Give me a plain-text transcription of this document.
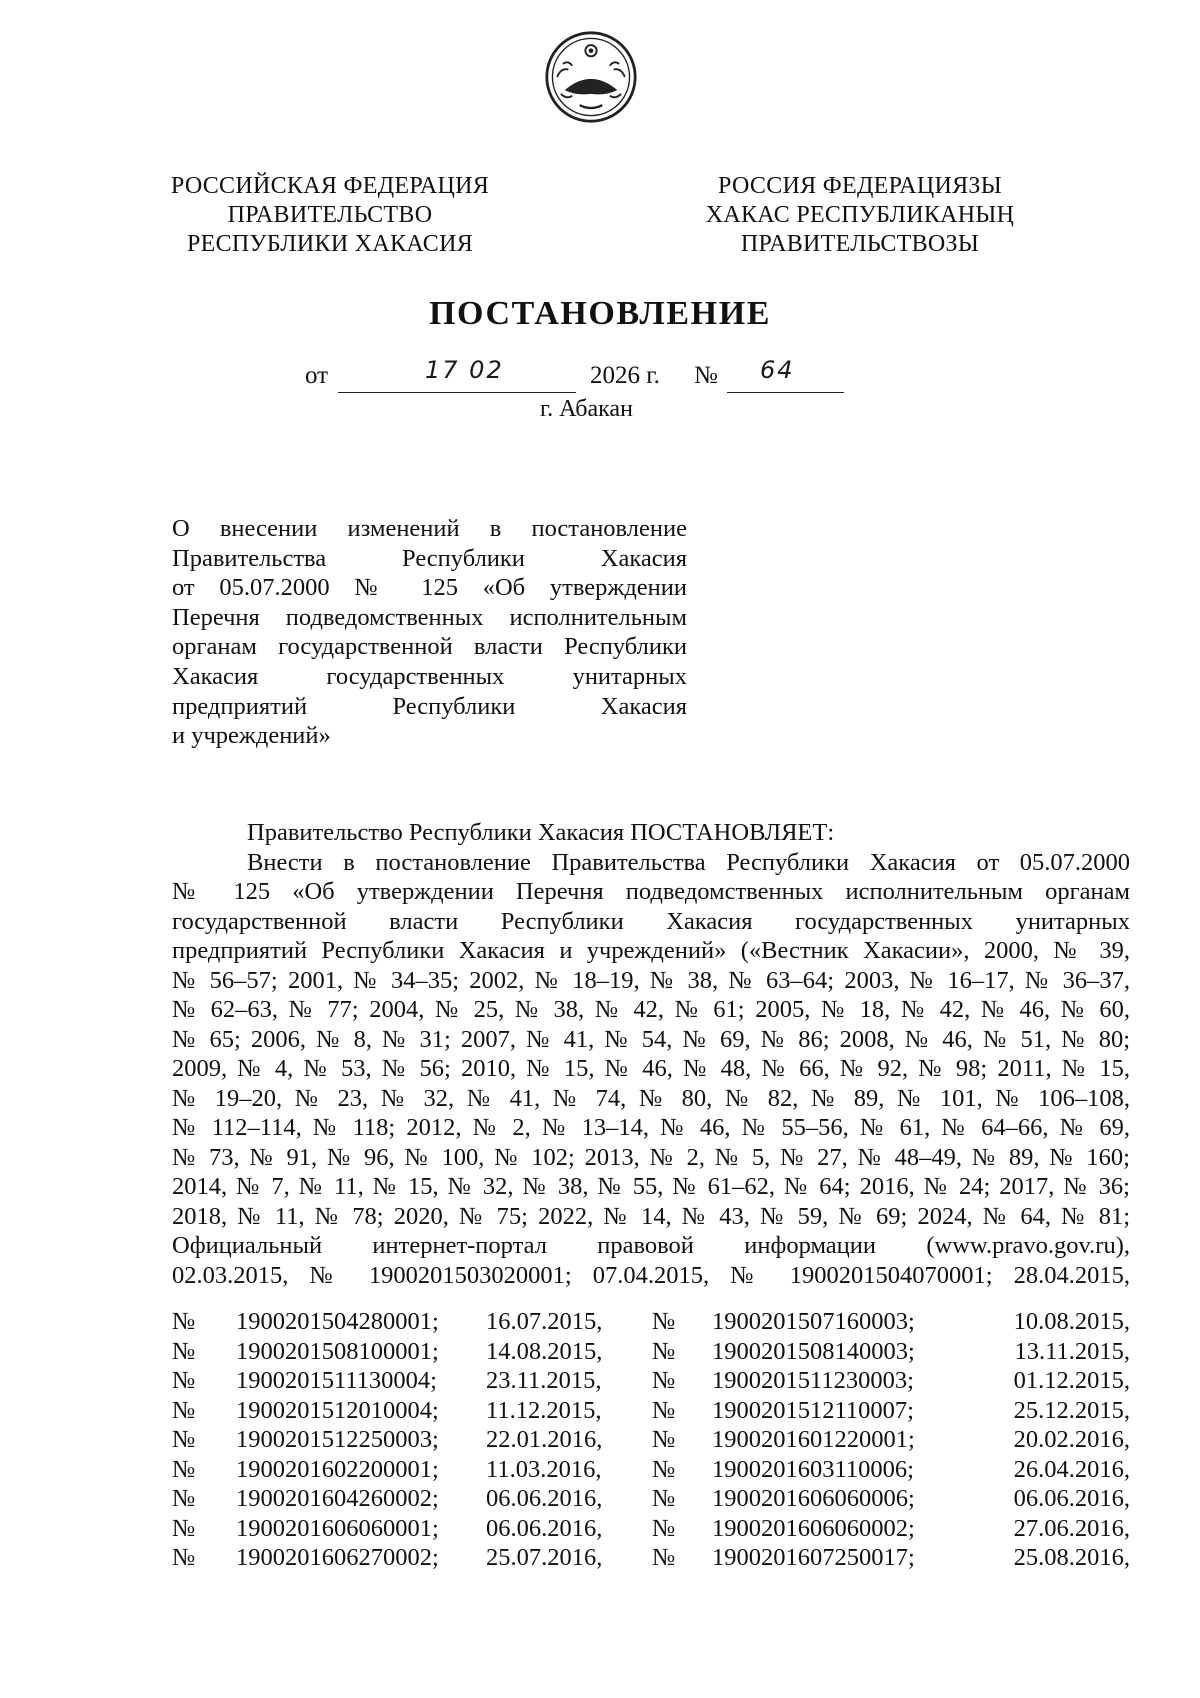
РОССИЙСКАЯ ФЕДЕРАЦИЯ
ПРАВИТЕЛЬСТВО
РЕСПУБЛИКИ ХАКАСИЯ
РОССИЯ ФЕДЕРАЦИЯЗЫ
ХАКАС РЕСПУБЛИКАНЫҢ
ПРАВИТЕЛЬСТВОЗЫ
ПОСТАНОВЛЕНИЕ
от	17 02	2026 г. № 64
г. Абакан
О внесении изменений в постановление
Правительства Республики Хакасия
от 05.07.2000 № 125 «Об утверждении
Перечня подведомственных исполнительным
органам государственной власти Республики
Хакасия государственных унитарных
предприятий Республики Хакасия
и учреждений»
Правительство Республики Хакасия ПОСТАНОВЛЯЕТ:
Внести в постановление Правительства Республики Хакасия от 05.07.2000
№ 125 «Об утверждении Перечня подведомственных исполнительным органам
государственной власти Республики Хакасия государственных унитарных
предприятий Республики Хакасия и учреждений» («Вестник Хакасии», 2000, № 39,
№ 56–57; 2001, № 34–35; 2002, № 18–19, № 38, № 63–64; 2003, № 16–17, № 36–37,
№ 62–63, № 77; 2004, № 25, № 38, № 42, № 61; 2005, № 18, № 42, № 46, № 60,
№ 65; 2006, № 8, № 31; 2007, № 41, № 54, № 69, № 86; 2008, № 46, № 51, № 80;
2009, № 4, № 53, № 56; 2010, № 15, № 46, № 48, № 66, № 92, № 98; 2011, № 15,
№ 19–20, № 23, № 32, № 41, № 74, № 80, № 82, № 89, № 101, № 106–108,
№ 112–114, № 118; 2012, № 2, № 13–14, № 46, № 55–56, № 61, № 64–66, № 69,
№ 73, № 91, № 96, № 100, № 102; 2013, № 2, № 5, № 27, № 48–49, № 89, № 160;
2014, № 7, № 11, № 15, № 32, № 38, № 55, № 61–62, № 64; 2016, № 24; 2017, № 36;
2018, № 11, № 78; 2020, № 75; 2022, № 14, № 43, № 59, № 69; 2024, № 64, № 81;
Официальный интернет-портал правовой информации (www.pravo.gov.ru),
02.03.2015, № 1900201503020001; 07.04.2015, № 1900201504070001; 28.04.2015,
№	1900201504280001;	16.07.2015,	№	1900201507160003;	10.08.2015,
№	1900201508100001;	14.08.2015,	№	1900201508140003;	13.11.2015,
№	1900201511130004;	23.11.2015,	№	1900201511230003;	01.12.2015,
№	1900201512010004;	11.12.2015,	№	1900201512110007;	25.12.2015,
№	1900201512250003;	22.01.2016,	№	1900201601220001;	20.02.2016,
№	1900201602200001;	11.03.2016,	№	1900201603110006;	26.04.2016,
№	1900201604260002;	06.06.2016,	№	1900201606060006;	06.06.2016,
№	1900201606060001;	06.06.2016,	№	1900201606060002;	27.06.2016,
№	1900201606270002;	25.07.2016,	№	1900201607250017;	25.08.2016,
